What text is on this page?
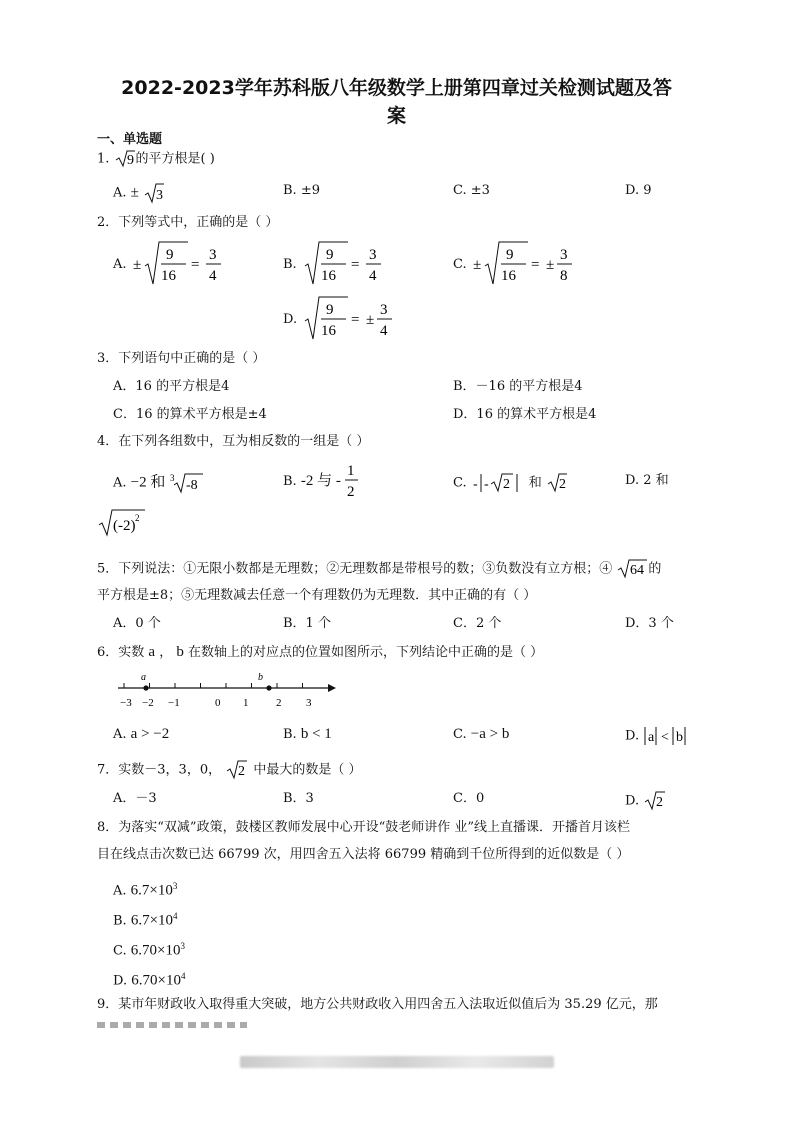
2022-2023学年苏科版八年级数学上册第四章过关检测试题及答
案
一、单选题
1. 9 的平方根是( )
A. ± 3	B. ±9	C. ±3	D. 9
2．下列等式中，正确的是（ ）
A. ±
9
16
=
3
4
B.
9
16
=
3
4
C. ±
9
16
= ±
3
8
D.
9
16
= ±
3
4
3．下列语句中正确的是（ ）
A．16 的平方根是4	B．－16 的平方根是4
C．16 的算术平方根是±4	D．16 的算术平方根是4
4．在下列各组数中，互为相反数的一组是（ ）
A. −2 和 3 -8	B. -2 与 -
1
2
C. - - 2 和 2	D. 2 和
(-2) 2
5．下列说法：①无限小数都是无理数；②无理数都是带根号的数；③负数没有立方根；④ 64 的
平方根是±8；⑤无理数减去任意一个有理数仍为无理数．其中正确的有（ ）
A．0 个	B．1 个	C．2 个	D．3 个
6．实数 a ， b 在数轴上的对应点的位置如图所示，下列结论中正确的是（ ）
−3 −2 −1	0 1	2 3
a	b
A. a > −2	B. b < 1	C. −a > b	D. a < b
7．实数－3，3，0， 2 中最大的数是（ ）
A．－3	B．3	C．0	D. 2
8．为落实“双减”政策，鼓楼区教师发展中心开设“鼓老师讲作 业”线上直播课．开播首月该栏
目在线点击次数已达 66799 次，用四舍五入法将 66799 精确到千位所得到的近似数是（ ）
A. $6.7\times 10^3$
B. $6.7\times 10^4$
C. $6.70\times 10^3$
D. $6.70\times 10^4$
9．某市年财政收入取得重大突破，地方公共财政收入用四舍五入法取近似值后为 35.29 亿元，那
